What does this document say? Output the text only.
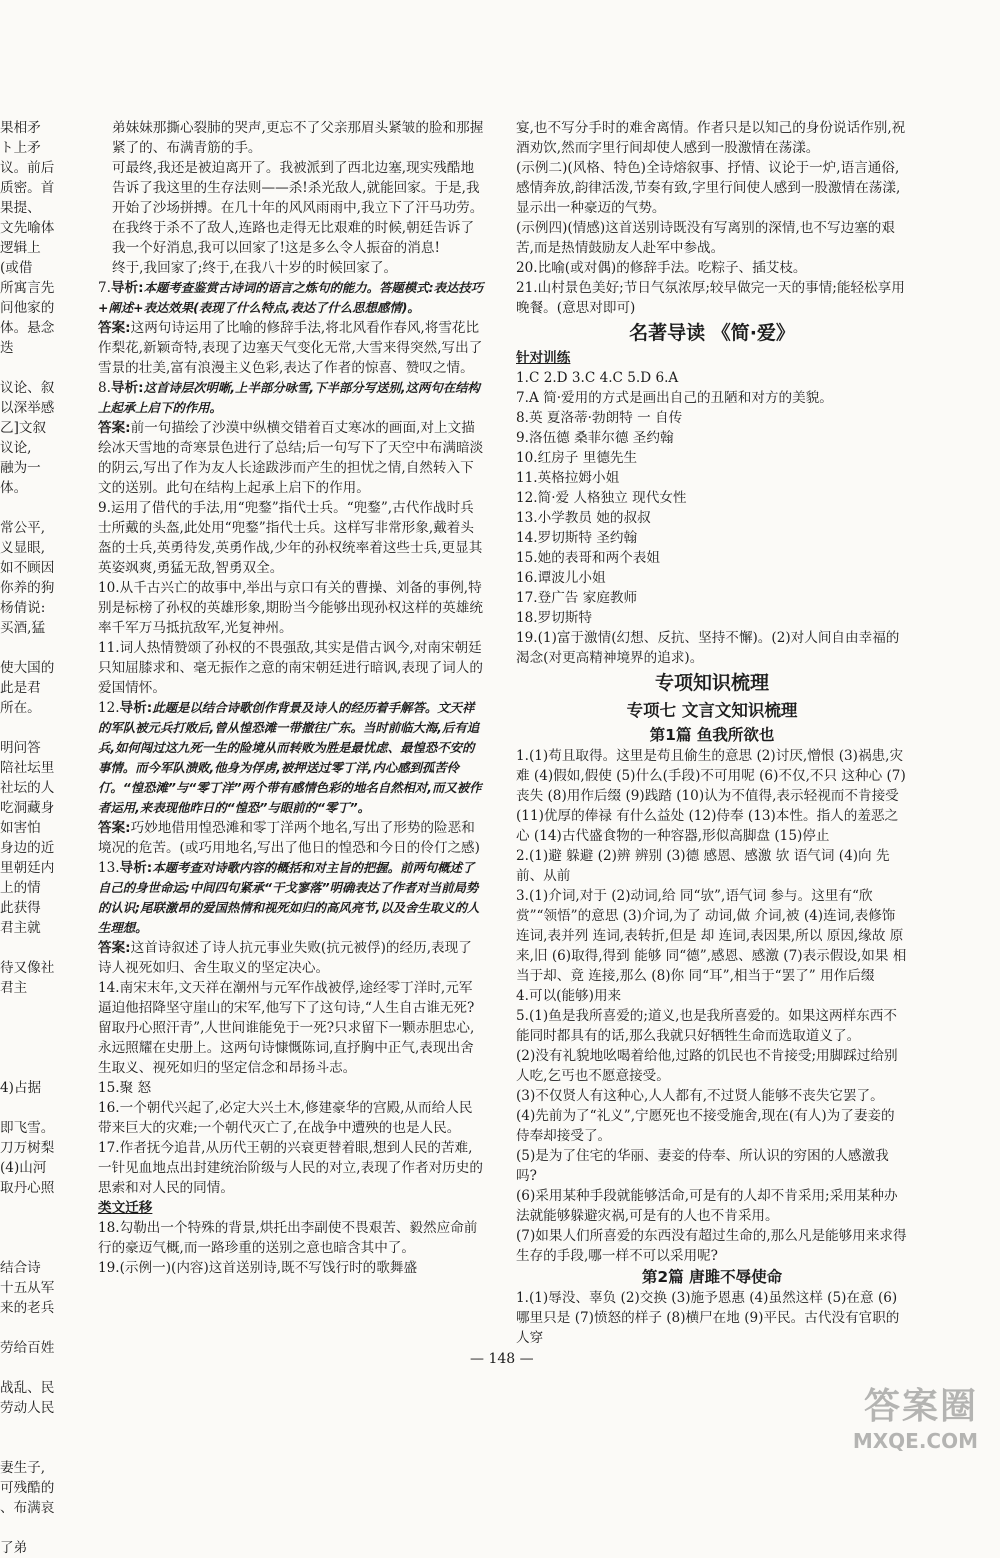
果相矛

ト上矛

议。前后

质密。首

果提、

文先喻体

逻辑上(或借

所寓言先

问他家的

体。悬念迭

议论、叙

以深举感

乙]文叙

议论,

融为一体。

常公平,

义显眼,

如不顾因

你养的狗

杨倩说:

买酒,猛

使大国的

此是君

所在。

明问答

陪社坛里

社坛的人

吃洞藏身

如害怕

身边的近

里朝廷内

上的情

此获得

君主就

待又像社

君主

4)占据

即飞雪。

刀万树梨

(4)山河

取丹心照

结合诗

十五从军

来的老兵

劳给百姓

战乱、民

劳动人民

妻生子,

可残酷的

、布满哀

了弟

弟妹妹那撕心裂肺的哭声,更忘不了父亲那眉头紧皱的脸和那握紧了的、布满青筋的手。

可最终,我还是被迫离开了。我被派到了西北边塞,现实残酷地告诉了我这里的生存法则——杀!杀光敌人,就能回家。于是,我开始了沙场拼搏。在几十年的风风雨雨中,我立下了汗马功劳。在我终于杀不了敌人,连路也走得无比艰难的时候,朝廷告诉了我一个好消息,我可以回家了!这是多么令人振奋的消息!

终于,我回家了;终于,在我八十岁的时候回家了。

7.导析:本题考查鉴赏古诗词的语言之炼句的能力。答题模式:表达技巧+阐述+表达效果(表现了什么特点,表达了什么思想感情)。
答案:这两句诗运用了比喻的修辞手法,将北风看作春风,将雪花比作梨花,新颖奇特,表现了边塞天气变化无常,大雪来得突然,写出了雪景的壮美,富有浪漫主义色彩,表达了作者的惊喜、赞叹之情。

8.导析:这首诗层次明晰,上半部分咏雪,下半部分写送别,这两句在结构上起承上启下的作用。
答案:前一句描绘了沙漠中纵横交错着百丈寒冰的画面,对上文描绘冰天雪地的奇寒景色进行了总结;后一句写下了天空中布满暗淡的阴云,写出了作为友人长途跋涉而产生的担忧之情,自然转入下文的送别。此句在结构上起承上启下的作用。

9.运用了借代的手法,用“兜鍪”指代士兵。“兜鍪”,古代作战时兵士所戴的头盔,此处用“兜鍪”指代士兵。这样写非常形象,戴着头盔的士兵,英勇待发,英勇作战,少年的孙权统率着这些士兵,更显其英姿飒爽,勇猛无敌,智勇双全。

10.从千古兴亡的故事中,举出与京口有关的曹操、刘备的事例,特别是标榜了孙权的英雄形象,期盼当今能够出现孙权这样的英雄统率千军万马抵抗敌军,光复神州。

11.词人热情赞颂了孙权的不畏强敌,其实是借古讽今,对南宋朝廷只知屈膝求和、毫无振作之意的南宋朝廷进行暗讽,表现了词人的爱国情怀。

12.导析:此题是以结合诗歌创作背景及诗人的经历着手解答。文天祥的军队被元兵打败后,曾从惶恐滩一带撤往广东。当时前临大海,后有追兵,如何闯过这九死一生的险境从而转败为胜是最忧虑、最惶恐不安的事情。而今军队溃败,他身为俘虏,被押送过零丁洋,内心感到孤苦伶仃。“惶恐滩”与“零丁洋”两个带有感情色彩的地名自然相对,而又被作者运用,来表现他昨日的“惶恐”与眼前的“零丁”。
答案:巧妙地借用惶恐滩和零丁洋两个地名,写出了形势的险恶和境况的危苦。(或巧用地名,写出了他日的惶恐和今日的伶仃之感)

13.导析:本题考查对诗歌内容的概括和对主旨的把握。前两句概述了自己的身世命运;中间四句紧承“干戈寥落”明确表达了作者对当前局势的认识;尾联激昂的爱国热情和视死如归的高风亮节,以及舍生取义的人生理想。
答案:这首诗叙述了诗人抗元事业失败(抗元被俘)的经历,表现了诗人视死如归、舍生取义的坚定决心。

14.南宋末年,文天祥在潮州与元军作战被俘,途经零丁洋时,元军逼迫他招降坚守崖山的宋军,他写下了这句诗,“人生自古谁无死?留取丹心照汗青”,人世间谁能免于一死?只求留下一颗赤胆忠心,永远照耀在史册上。这两句诗慷慨陈词,直抒胸中正气,表现出舍生取义、视死如归的坚定信念和昂扬斗志。

15.聚 怒

16.一个朝代兴起了,必定大兴土木,修建豪华的宫殿,从而给人民带来巨大的灾难;一个朝代灭亡了,在战争中遭殃的也是人民。

17.作者抚今追昔,从历代王朝的兴衰更替着眼,想到人民的苦难,一针见血地点出封建统治阶级与人民的对立,表现了作者对历史的思索和对人民的同情。

类文迁移

18.勾勒出一个特殊的背景,烘托出李副使不畏艰苦、毅然应命前行的豪迈气概,而一路珍重的送别之意也暗含其中了。

19.(示例一)(内容)这首送别诗,既不写饯行时的歌舞盛

宴,也不写分手时的难舍离情。作者只是以知己的身份说话作别,祝酒劝饮,然而字里行间却使人感到一股激情在荡漾。

(示例二)(风格、特色)全诗熔叙事、抒情、议论于一炉,语言通俗,感情奔放,韵律活泼,节奏有致,字里行间使人感到一股激情在荡漾,显示出一种豪迈的气势。

(示例四)(情感)这首送别诗既没有写离别的深情,也不写边塞的艰苦,而是热情鼓励友人赴军中参战。

20.比喻(或对偶)的修辞手法。吃粽子、插艾枝。

21.山村景色美好;节日气氛浓厚;较早做完一天的事情;能轻松享用晚餐。(意思对即可)

名著导读 《简·爱》

针对训练

1.C 2.D 3.C 4.C 5.D 6.A

7.A 简·爱用的方式是画出自己的丑陋和对方的美貌。

8.英 夏洛蒂·勃朗特 一 自传

9.洛伍德 桑菲尔德 圣约翰

10.红房子 里德先生

11.英格拉姆小姐

12.简·爱 人格独立 现代女性

13.小学教员 她的叔叔

14.罗切斯特 圣约翰

15.她的表哥和两个表姐

16.谭波儿小姐

17.登广告 家庭教师

18.罗切斯特

19.(1)富于激情(幻想、反抗、坚持不懈)。(2)对人间自由幸福的渴念(对更高精神境界的追求)。

专项知识梳理

专项七 文言文知识梳理

第1篇 鱼我所欲也

1.(1)苟且取得。这里是苟且偷生的意思 (2)讨厌,憎恨 (3)祸患,灾难 (4)假如,假使 (5)什么(手段)不可用呢 (6)不仅,不只 这种心 (7)丧失 (8)用作后缀 (9)践踏 (10)认为不值得,表示轻视而不肯接受 (11)优厚的俸禄 有什么益处 (12)侍奉 (13)本性。指人的羞恶之心 (14)古代盛食物的一种容器,形似高脚盘 (15)停止

2.(1)避 躲避 (2)辨 辨别 (3)德 感恩、感激 欤 语气词 (4)向 先前、从前

3.(1)介词,对于 (2)动词,给 同“欤”,语气词 参与。这里有“欣赏”“领悟”的意思 (3)介词,为了 动词,做 介词,被 (4)连词,表修饰 连词,表并列 连词,表转折,但是 却 连词,表因果,所以 原因,缘故 原来,旧 (6)取得,得到 能够 同“德”,感恩、感激 (7)表示假设,如果 相当于却、竟 连接,那么 (8)你 同“耳”,相当于“罢了” 用作后缀

4.可以(能够)用来

5.(1)鱼是我所喜爱的;道义,也是我所喜爱的。如果这两样东西不能同时都具有的话,那么我就只好牺牲生命而选取道义了。

(2)没有礼貌地吆喝着给他,过路的饥民也不肯接受;用脚踩过给别人吃,乞丐也不愿意接受。

(3)不仅贤人有这种心,人人都有,不过贤人能够不丧失它罢了。

(4)先前为了“礼义”,宁愿死也不接受施舍,现在(有人)为了妻妾的侍奉却接受了。

(5)是为了住宅的华丽、妻妾的侍奉、所认识的穷困的人感激我吗?

(6)采用某种手段就能够活命,可是有的人却不肯采用;采用某种办法就能够躲避灾祸,可是有的人也不肯采用。

(7)如果人们所喜爱的东西没有超过生命的,那么凡是能够用来求得生存的手段,哪一样不可以采用呢?

第2篇 唐雎不辱使命

1.(1)辱没、辜负 (2)交换 (3)施予恩惠 (4)虽然这样 (5)在意 (6)哪里只是 (7)愤怒的样子 (8)横尸在地 (9)平民。古代没有官职的人穿

— 148 —
答案圈
MXQE.COM
